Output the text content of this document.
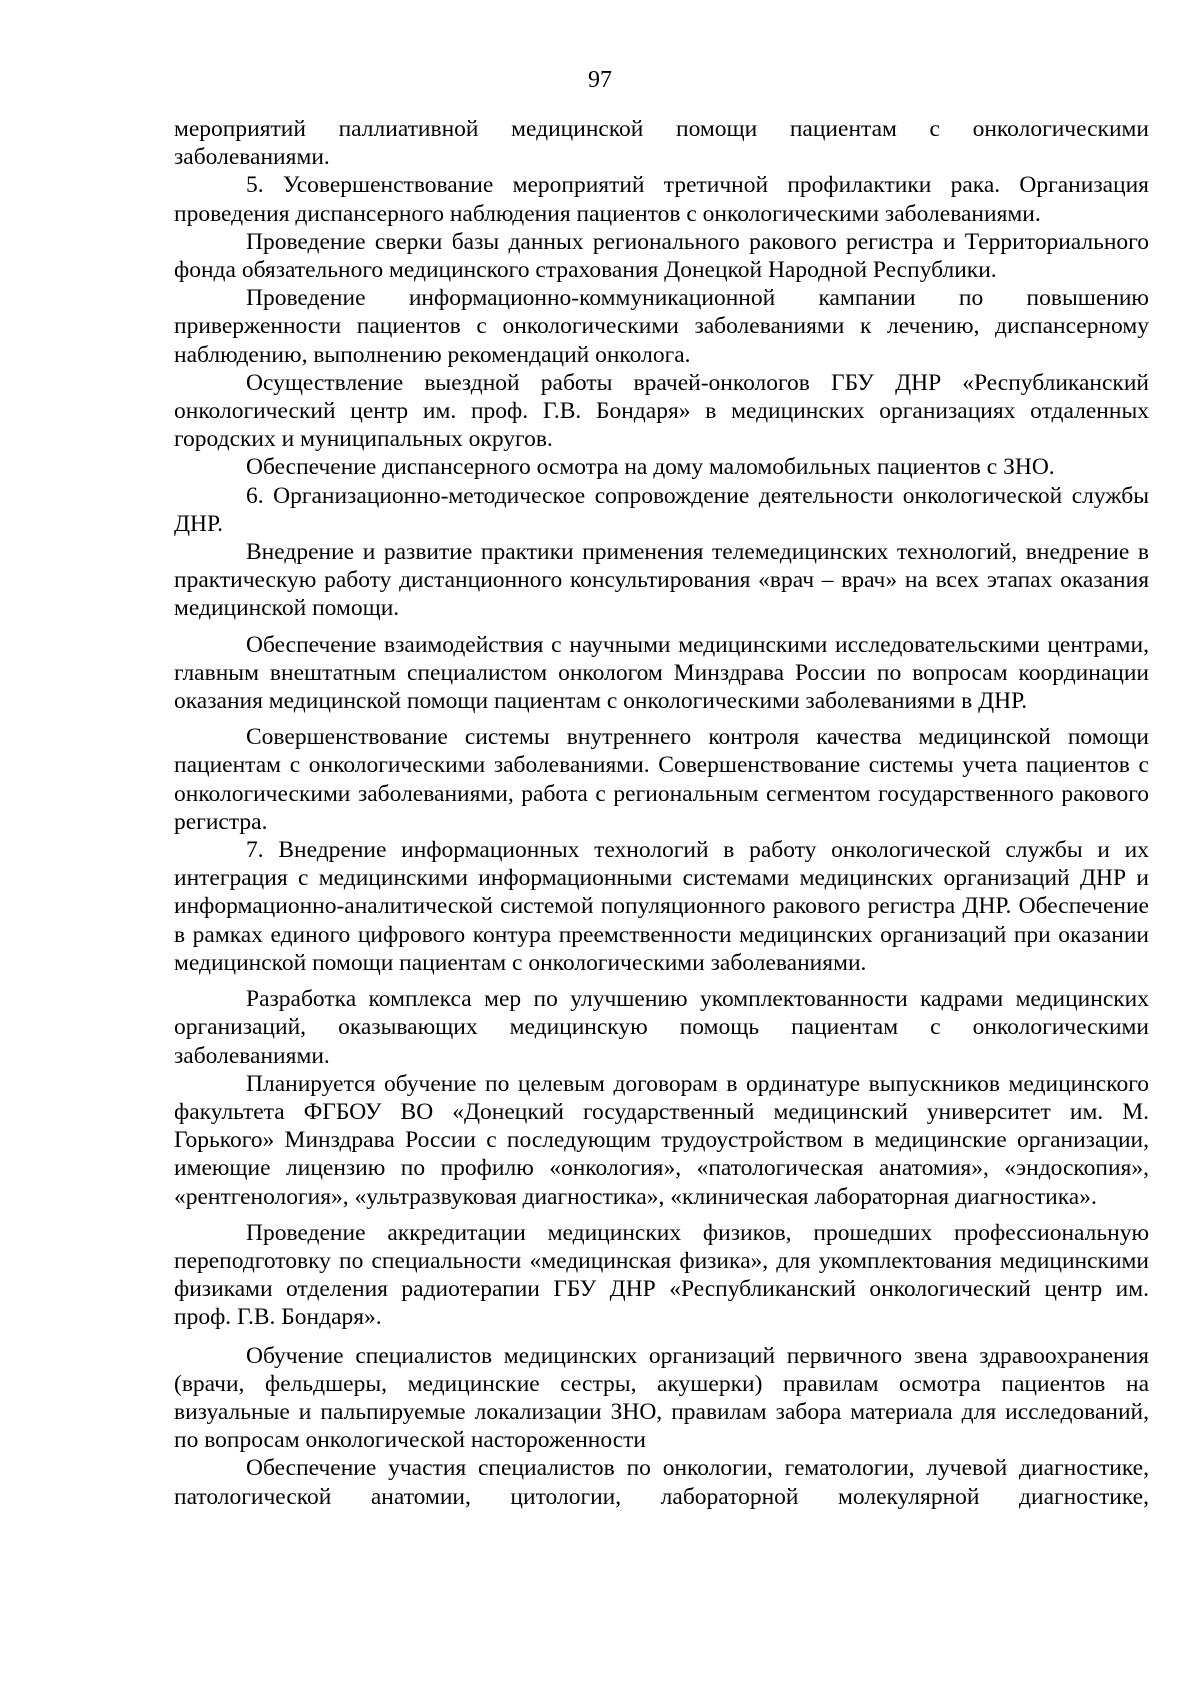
97

мероприятий паллиативной медицинской помощи пациентам с онкологическими заболеваниями.

5. Усовершенствование мероприятий третичной профилактики рака. Организация проведения диспансерного наблюдения пациентов с онкологическими заболеваниями.

Проведение сверки базы данных регионального ракового регистра и Территориального фонда обязательного медицинского страхования Донецкой Народной Республики.

Проведение информационно-коммуникационной кампании по повышению приверженности пациентов с онкологическими заболеваниями к лечению, диспансерному наблюдению, выполнению рекомендаций онколога.

Осуществление выездной работы врачей-онкологов ГБУ ДНР «Республиканский онкологический центр им. проф. Г.В. Бондаря» в медицинских организациях отдаленных городских и муниципальных округов.

Обеспечение диспансерного осмотра на дому маломобильных пациентов с ЗНО.

6. Организационно-методическое сопровождение деятельности онкологической службы ДНР.

Внедрение и развитие практики применения телемедицинских технологий, внедрение в практическую работу дистанционного консультирования «врач – врач» на всех этапах оказания медицинской помощи.

Обеспечение взаимодействия с научными медицинскими исследовательскими центрами, главным внештатным специалистом онкологом Минздрава России по вопросам координации оказания медицинской помощи пациентам с онкологическими заболеваниями в ДНР.

Совершенствование системы внутреннего контроля качества медицинской помощи пациентам с онкологическими заболеваниями. Совершенствование системы учета пациентов с онкологическими заболеваниями, работа с региональным сегментом государственного ракового регистра.

7. Внедрение информационных технологий в работу онкологической службы и их интеграция с медицинскими информационными системами медицинских организаций ДНР и информационно-аналитической системой популяционного ракового регистра ДНР. Обеспечение в рамках единого цифрового контура преемственности медицинских организаций при оказании медицинской помощи пациентам с онкологическими заболеваниями.

Разработка комплекса мер по улучшению укомплектованности кадрами медицинских организаций, оказывающих медицинскую помощь пациентам с онкологическими заболеваниями.

Планируется обучение по целевым договорам в ординатуре выпускников медицинского факультета ФГБОУ ВО «Донецкий государственный медицинский университет им. М. Горького» Минздрава России с последующим трудоустройством в медицинские организации, имеющие лицензию по профилю «онкология», «патологическая анатомия», «эндоскопия», «рентгенология», «ультразвуковая диагностика», «клиническая лабораторная диагностика».

Проведение аккредитации медицинских физиков, прошедших профессиональную переподготовку по специальности «медицинская физика», для укомплектования медицинскими физиками отделения радиотерапии ГБУ ДНР «Республиканский онкологический центр им. проф. Г.В. Бондаря».

Обучение специалистов медицинских организаций первичного звена здравоохранения (врачи, фельдшеры, медицинские сестры, акушерки) правилам осмотра пациентов на визуальные и пальпируемые локализации ЗНО, правилам забора материала для исследований, по вопросам онкологической настороженности

Обеспечение участия специалистов по онкологии, гематологии, лучевой диагностике, патологической анатомии, цитологии, лабораторной молекулярной диагностике,
